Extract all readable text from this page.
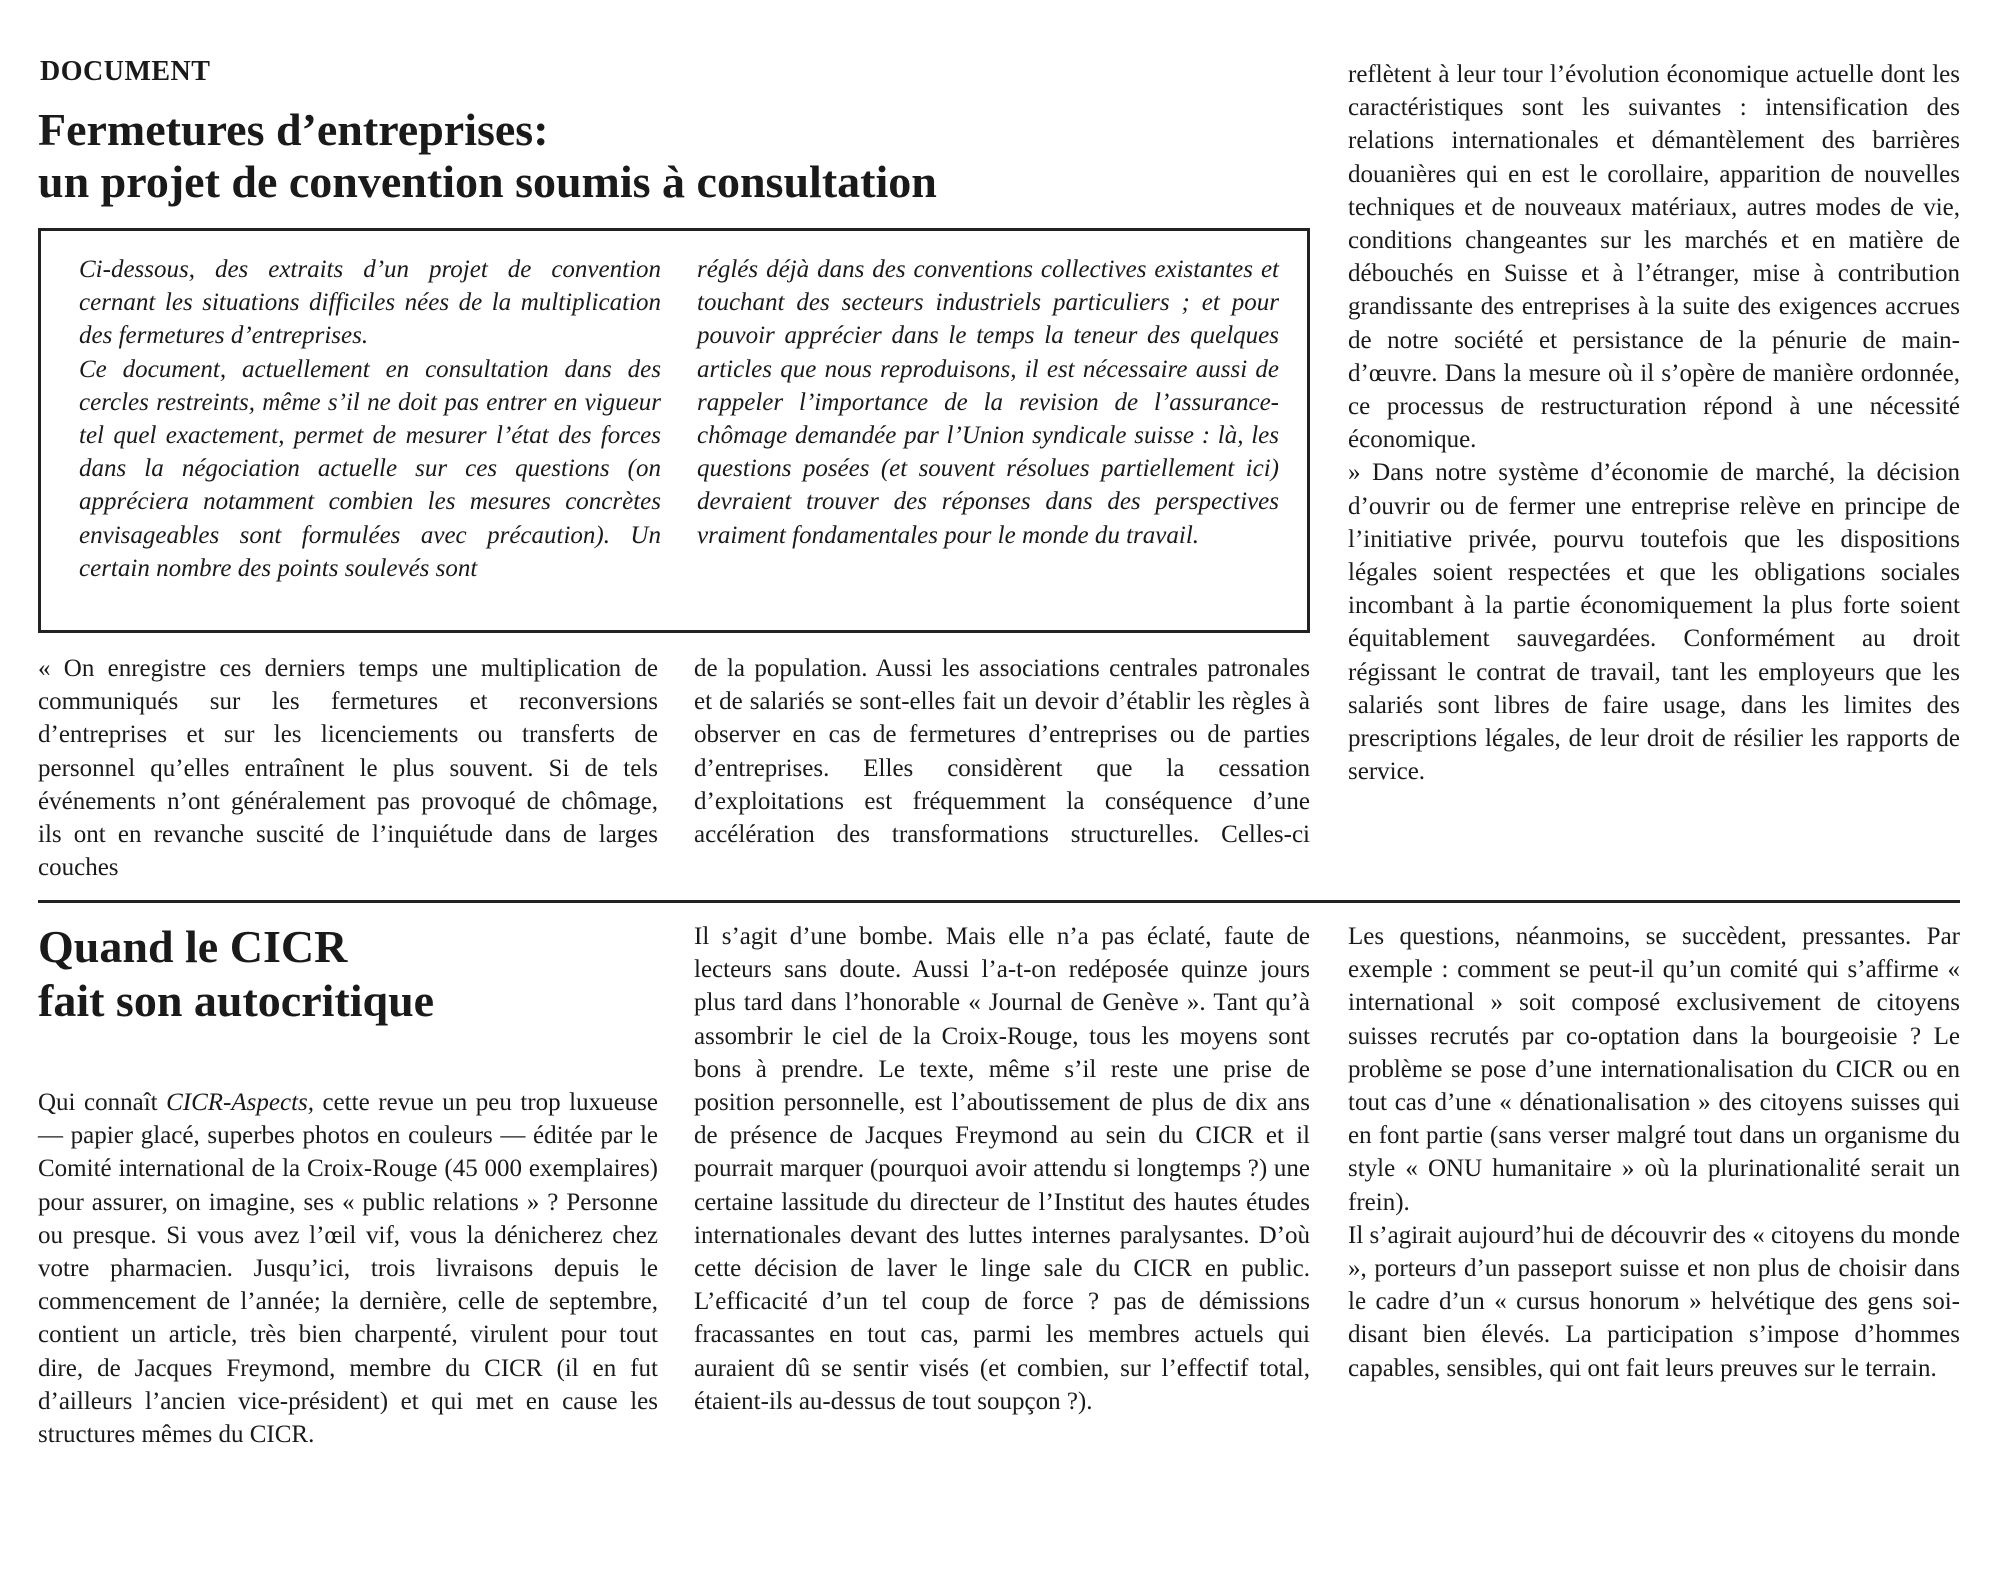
DOCUMENT
Fermetures d’entreprises:
un projet de convention soumis à consultation

Ci-dessous, des extraits d’un projet de convention cernant les situations difficiles nées de la multiplication des fermetures d’entreprises.

Ce document, actuellement en consultation dans des cercles restreints, même s’il ne doit pas entrer en vigueur tel quel exactement, permet de mesurer l’état des forces dans la négociation actuelle sur ces questions (on appréciera notamment combien les mesures concrètes envisageables sont formulées avec précaution). Un certain nombre des points soulevés sont

réglés déjà dans des conventions collectives existantes et touchant des secteurs industriels particuliers ; et pour pouvoir apprécier dans le temps la teneur des quelques articles que nous reproduisons, il est nécessaire aussi de rappeler l’importance de la revision de l’assurance-chômage demandée par l’Union syndicale suisse : là, les questions posées (et souvent résolues partiellement ici) devraient trouver des réponses dans des perspectives vraiment fondamentales pour le monde du travail.

« On enregistre ces derniers temps une multiplication de communiqués sur les fermetures et reconversions d’entreprises et sur les licenciements ou transferts de personnel qu’elles entraînent le plus souvent. Si de tels événements n’ont généralement pas provoqué de chômage, ils ont en revanche suscité de l’inquiétude dans de larges couches

de la population. Aussi les associations centrales patronales et de salariés se sont-elles fait un devoir d’établir les règles à observer en cas de fermetures d’entreprises ou de parties d’entreprises. Elles considèrent que la cessation d’exploitations est fréquemment la conséquence d’une accélération des transformations structurelles. Celles-ci

reflètent à leur tour l’évolution économique actuelle dont les caractéristiques sont les suivantes : intensification des relations internationales et démantèlement des barrières douanières qui en est le corollaire, apparition de nouvelles techniques et de nouveaux matériaux, autres modes de vie, conditions changeantes sur les marchés et en matière de débouchés en Suisse et à l’étranger, mise à contribution grandissante des entreprises à la suite des exigences accrues de notre société et persistance de la pénurie de main-d’œuvre. Dans la mesure où il s’opère de manière ordonnée, ce processus de restructuration répond à une nécessité économique.

» Dans notre système d’économie de marché, la décision d’ouvrir ou de fermer une entreprise relève en principe de l’initiative privée, pourvu toutefois que les dispositions légales soient respectées et que les obligations sociales incombant à la partie économiquement la plus forte soient équitablement sauvegardées. Conformément au droit régissant le contrat de travail, tant les employeurs que les salariés sont libres de faire usage, dans les limites des prescriptions légales, de leur droit de résilier les rapports de service.

Quand le CICR
fait son autocritique

Qui connaît CICR-Aspects, cette revue un peu trop luxueuse — papier glacé, superbes photos en couleurs — éditée par le Comité international de la Croix-Rouge (45 000 exemplaires) pour assurer, on imagine, ses « public relations » ? Personne ou presque. Si vous avez l’œil vif, vous la dénicherez chez votre pharmacien. Jusqu’ici, trois livraisons depuis le commencement de l’année; la dernière, celle de septembre, contient un article, très bien charpenté, virulent pour tout dire, de Jacques Freymond, membre du CICR (il en fut d’ailleurs l’ancien vice-président) et qui met en cause les structures mêmes du CICR.

Il s’agit d’une bombe. Mais elle n’a pas éclaté, faute de lecteurs sans doute. Aussi l’a-t-on redéposée quinze jours plus tard dans l’honorable « Journal de Genève ». Tant qu’à assombrir le ciel de la Croix-Rouge, tous les moyens sont bons à prendre. Le texte, même s’il reste une prise de position personnelle, est l’aboutissement de plus de dix ans de présence de Jacques Freymond au sein du CICR et il pourrait marquer (pourquoi avoir attendu si longtemps ?) une certaine lassitude du directeur de l’Institut des hautes études internationales devant des luttes internes paralysantes. D’où cette décision de laver le linge sale du CICR en public. L’efficacité d’un tel coup de force ? pas de démissions fracassantes en tout cas, parmi les membres actuels qui auraient dû se sentir visés (et combien, sur l’effectif total, étaient-ils au-dessus de tout soupçon ?).

Les questions, néanmoins, se succèdent, pressantes. Par exemple : comment se peut-il qu’un comité qui s’affirme « international » soit composé exclusivement de citoyens suisses recrutés par co-optation dans la bourgeoisie ? Le problème se pose d’une internationalisation du CICR ou en tout cas d’une « dénationalisation » des citoyens suisses qui en font partie (sans verser malgré tout dans un organisme du style « ONU humanitaire » où la plurinationalité serait un frein).

Il s’agirait aujourd’hui de découvrir des « citoyens du monde », porteurs d’un passeport suisse et non plus de choisir dans le cadre d’un « cursus honorum » helvétique des gens soi-disant bien élevés. La participation s’impose d’hommes capables, sensibles, qui ont fait leurs preuves sur le terrain.
